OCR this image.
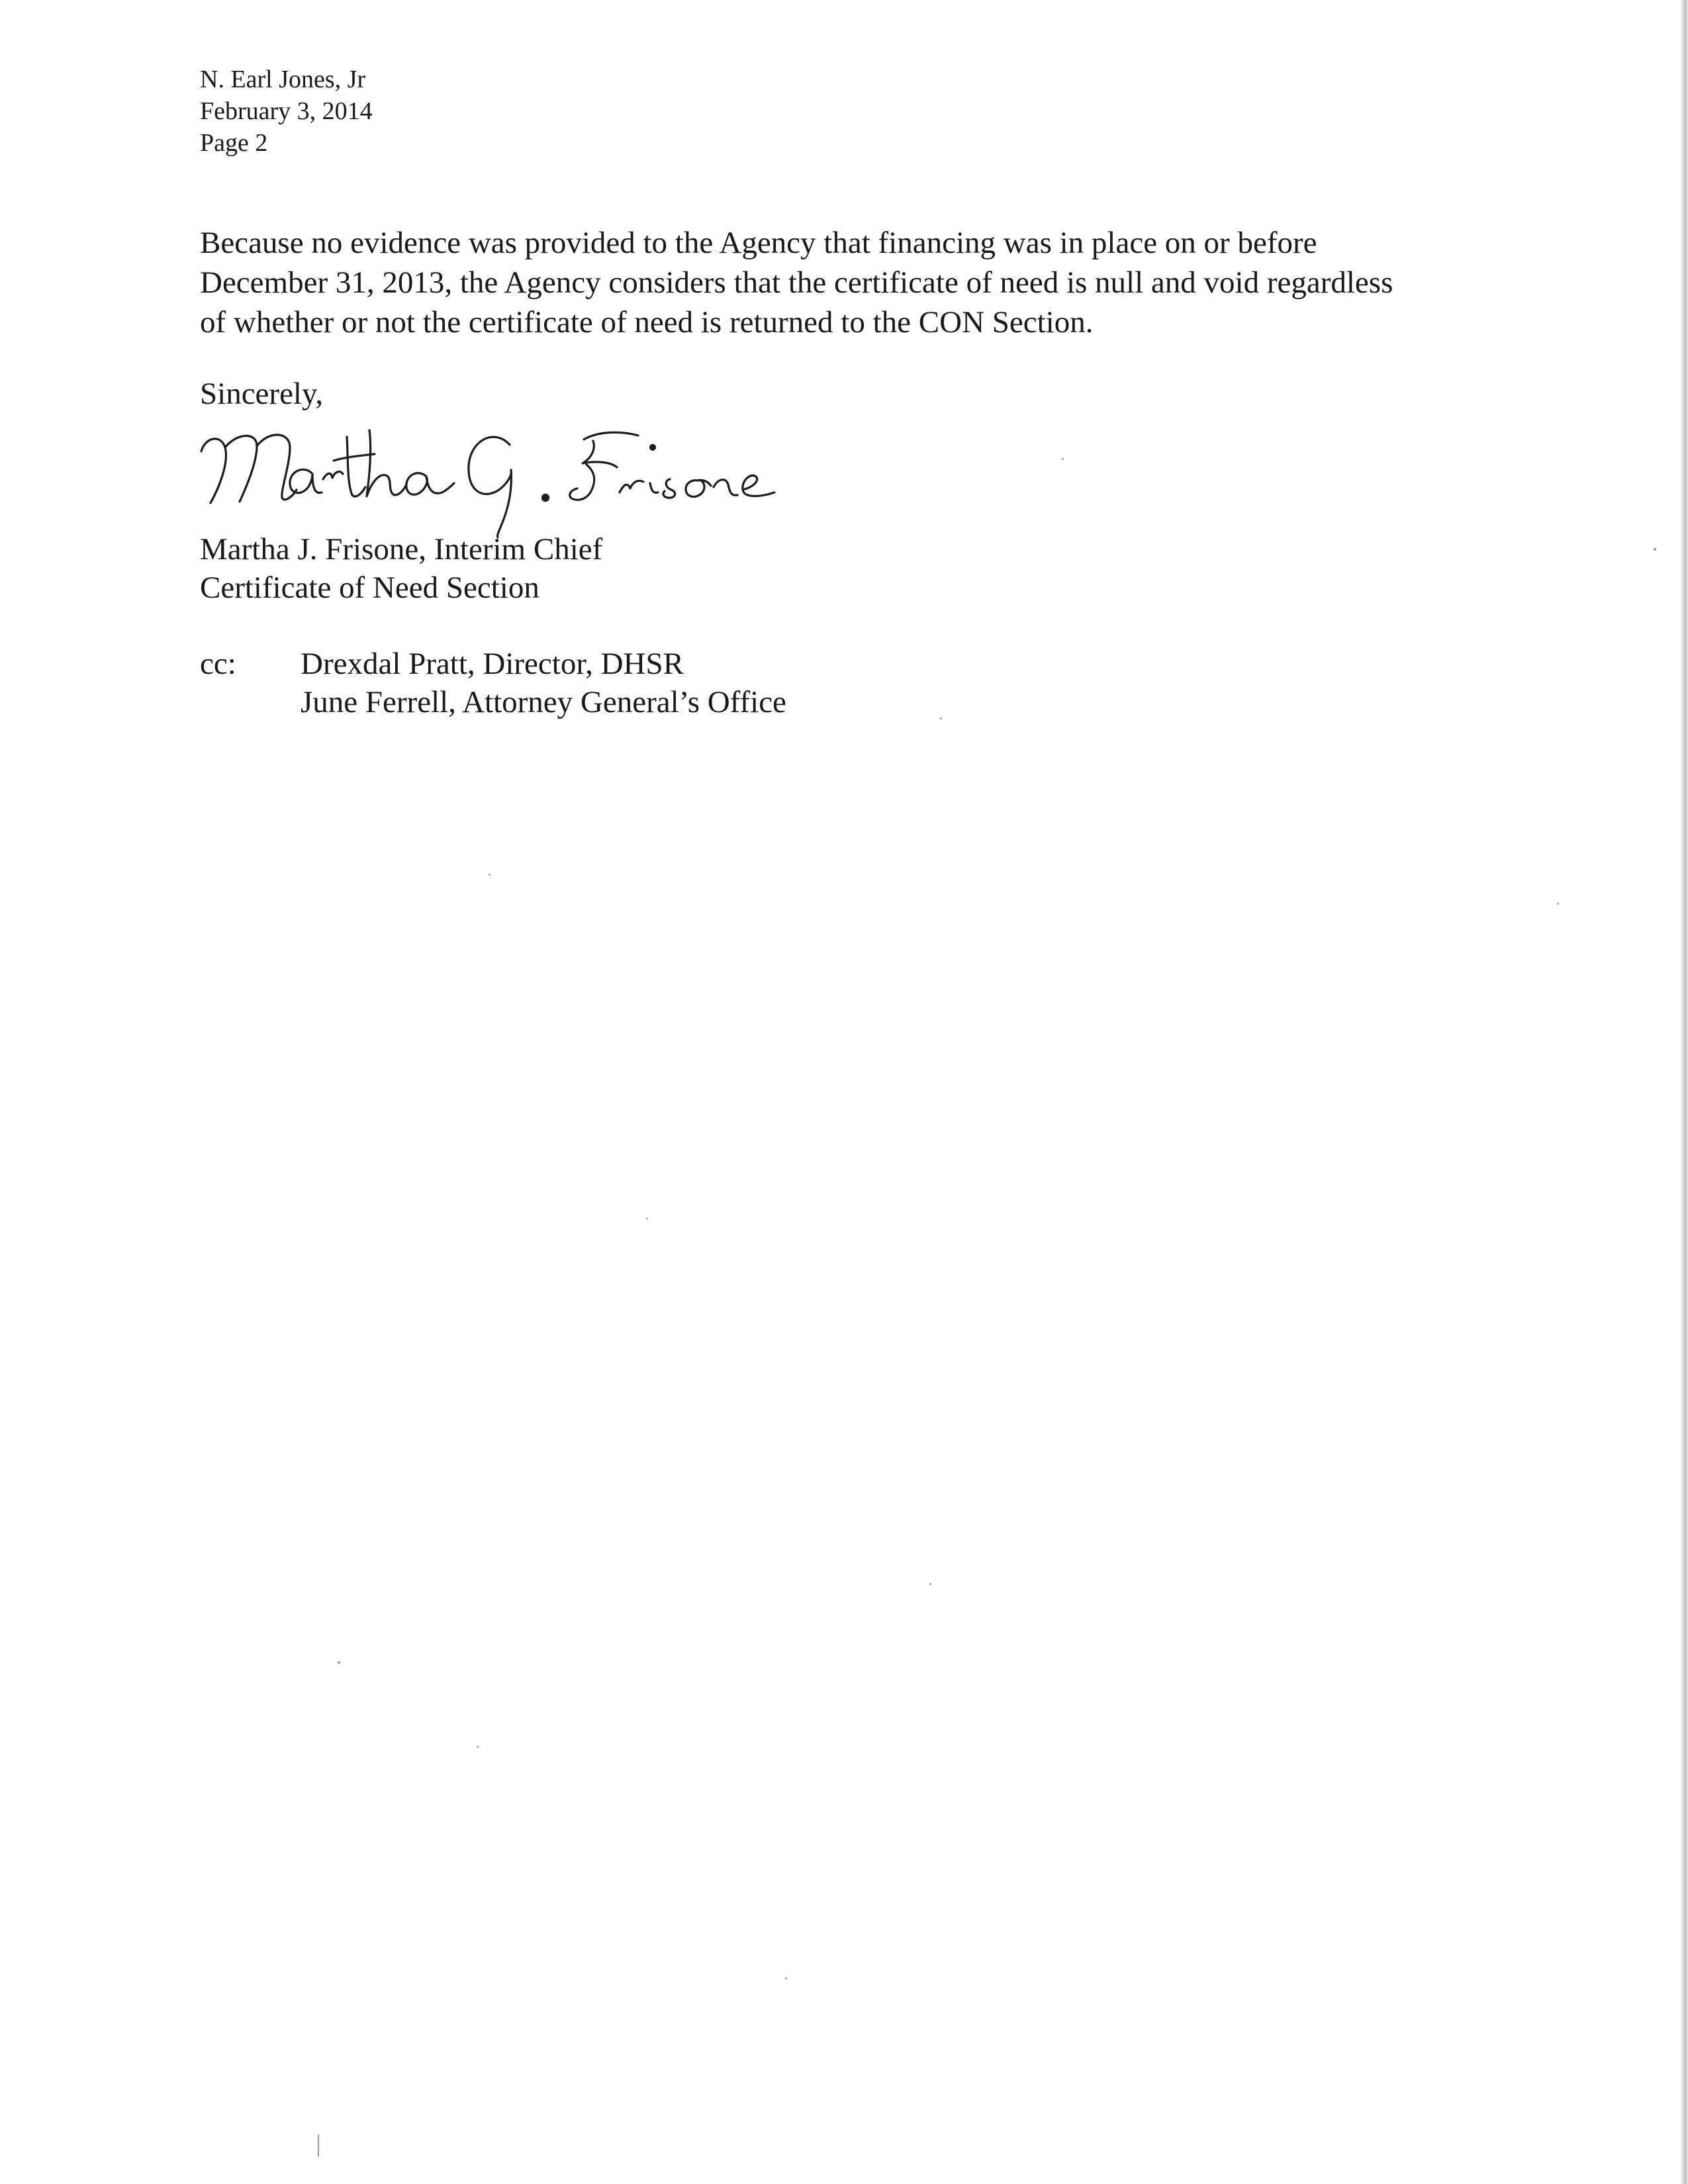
N. Earl Jones, Jr
February 3, 2014
Page 2
Because no evidence was provided to the Agency that financing was in place on or before
December 31, 2013, the Agency considers that the certificate of need is null and void regardless
of whether or not the certificate of need is returned to the CON Section.
Sincerely,
Martha J. Frisone, Interim Chief
Certificate of Need Section
cc: Drexdal Pratt, Director, DHSR
June Ferrell, Attorney General’s Office
